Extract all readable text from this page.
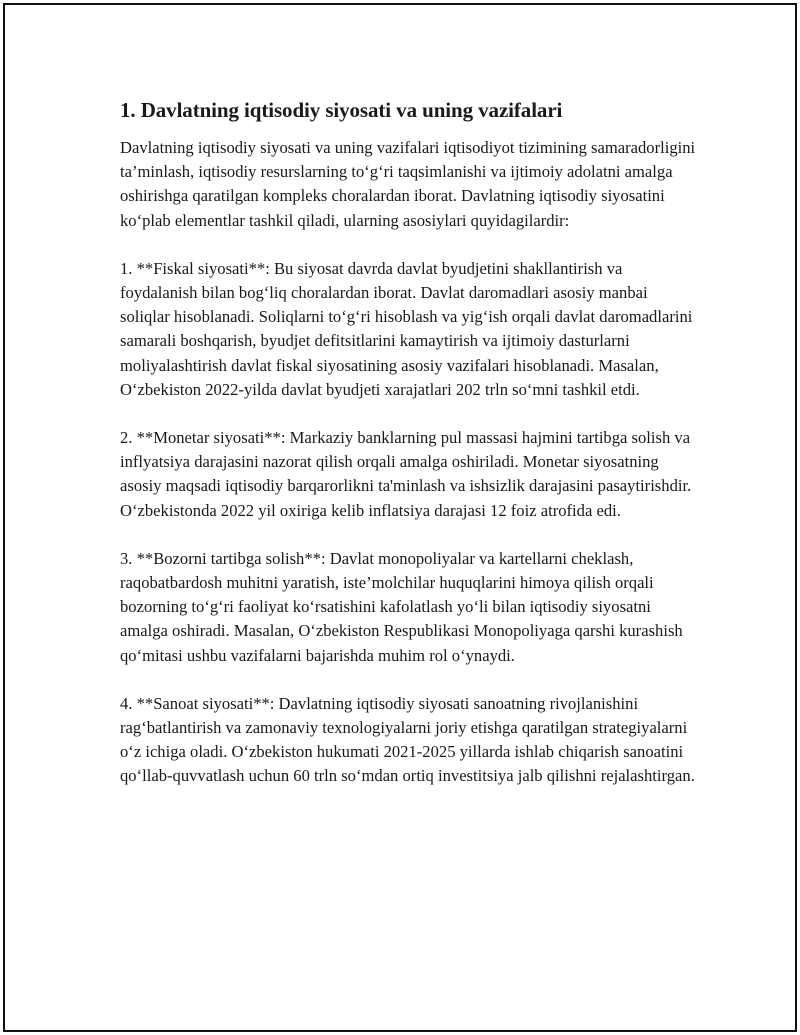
1. Davlatning iqtisodiy siyosati va uning vazifalari

Davlatning iqtisodiy siyosati va uning vazifalari iqtisodiyot tizimining samaradorligini ta’minlash, iqtisodiy resurslarning to‘g‘ri taqsimlanishi va ijtimoiy adolatni amalga oshirishga qaratilgan kompleks choralardan iborat. Davlatning iqtisodiy siyosatini ko‘plab elementlar tashkil qiladi, ularning asosiylari quyidagilardir:

1. **Fiskal siyosati**: Bu siyosat davrda davlat byudjetini shakllantirish va foydalanish bilan bog‘liq choralardan iborat. Davlat daromadlari asosiy manbai soliqlar hisoblanadi. Soliqlarni to‘g‘ri hisoblash va yig‘ish orqali davlat daromadlarini samarali boshqarish, byudjet defitsitlarini kamaytirish va ijtimoiy dasturlarni moliyalashtirish davlat fiskal siyosatining asosiy vazifalari hisoblanadi. Masalan, O‘zbekiston 2022-yilda davlat byudjeti xarajatlari 202 trln so‘mni tashkil etdi.

2. **Monetar siyosati**: Markaziy banklarning pul massasi hajmini tartibga solish va inflyatsiya darajasini nazorat qilish orqali amalga oshiriladi. Monetar siyosatning asosiy maqsadi iqtisodiy barqarorlikni ta'minlash va ishsizlik darajasini pasaytirishdir. O‘zbekistonda 2022 yil oxiriga kelib inflatsiya darajasi 12 foiz atrofida edi.

3. **Bozorni tartibga solish**: Davlat monopoliyalar va kartellarni cheklash, raqobatbardosh muhitni yaratish, iste’molchilar huquqlarini himoya qilish orqali bozorning to‘g‘ri faoliyat ko‘rsatishini kafolatlash yo‘li bilan iqtisodiy siyosatni amalga oshiradi. Masalan, O‘zbekiston Respublikasi Monopoliyaga qarshi kurashish qo‘mitasi ushbu vazifalarni bajarishda muhim rol o‘ynaydi.

4. **Sanoat siyosati**: Davlatning iqtisodiy siyosati sanoatning rivojlanishini rag‘batlantirish va zamonaviy texnologiyalarni joriy etishga qaratilgan strategiyalarni o‘z ichiga oladi. O‘zbekiston hukumati 2021-2025 yillarda ishlab chiqarish sanoatini qo‘llab-quvvatlash uchun 60 trln so‘mdan ortiq investitsiya jalb qilishni rejalashtirgan.
